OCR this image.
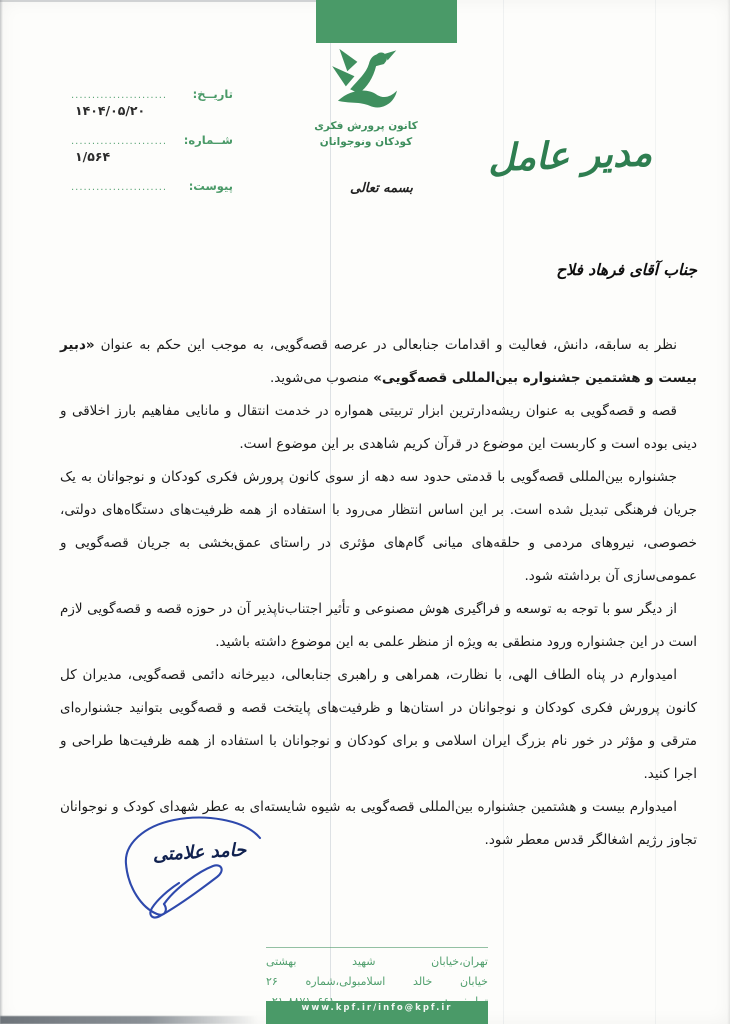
کانون پرورش فکری
کودکان ونوجوانان
تاریــخ:
.......................
شــماره:
.......................
پیوست:
.......................
۱۴۰۴/۰۵/۲۰
۱/۵۶۴	مدیر عامل
بسمه تعالی
جناب آقای فرهاد فلاح

نظر به سابقه، دانش، فعالیت و اقدامات جنابعالی در عرصه قصه‌گویی، به موجب این حکم به عنوان «دبیر بیست و هشتمین جشنواره بین‌المللی قصه‌گویی» منصوب می‌شوید.

قصه و قصه‌گویی به عنوان ریشه‌دارترین ابزار تربیتی همواره در خدمت انتقال و مانایی مفاهیم بارز اخلاقی و دینی بوده است و کاربست این موضوع در قرآن کریم شاهدی بر این موضوع است.

جشنواره بین‌المللی قصه‌گویی با قدمتی حدود سه دهه از سوی کانون پرورش فکری کودکان و نوجوانان به یک جریان فرهنگی تبدیل شده است. بر این اساس انتظار می‌رود با استفاده از همه ظرفیت‌های دستگاه‌های دولتی، خصوصی، نیروهای مردمی و حلقه‌های میانی گام‌های مؤثری در راستای عمق‌بخشی به جریان قصه‌گویی و عمومی‌سازی آن برداشته شود.

از دیگر سو با توجه به توسعه و فراگیری هوش مصنوعی و تأثیر اجتناب‌ناپذیر آن در حوزه قصه و قصه‌گویی لازم است در این جشنواره ورود منطقی به ویژه از منظر علمی به این موضوع داشته باشید.

امیدوارم در پناه الطاف الهی، با نظارت، همراهی و راهبری جنابعالی، دبیرخانه دائمی قصه‌گویی، مدیران کل کانون پرورش فکری کودکان و نوجوانان در استان‌ها و ظرفیت‌های پایتخت قصه و قصه‌گویی بتوانید جشنواره‌ای مترقی و مؤثر در خور نام بزرگ ایران اسلامی و برای کودکان و نوجوانان با استفاده از همه ظرفیت‌ها طراحی و اجرا کنید.

امیدوارم بیست و هشتمین جشنواره بین‌المللی قصه‌گویی به شیوه شایسته‌ای به عطر شهدای کودک و نوجوانان تجاوز رژیم اشغالگر قدس معطر شود.

حامد علامتی
تهران،خیابان شهید بهشتی
خیابان خالد اسلامبولی،شماره ۲۶
www.kpf.ir/info@kpf.ir
